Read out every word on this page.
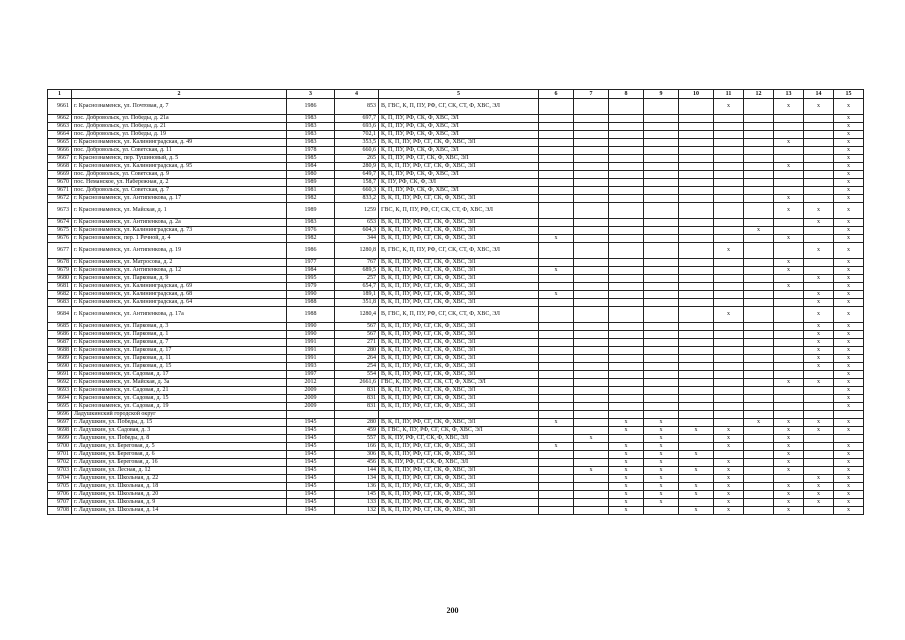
1	2	3	4	5	6	7	8	9	10	11	12	13	14	15
9661	г. Краснознаменск, ул. Почтовая, д. 7	1986	853	В, ГВС, К, П, ПУ, РФ, СГ, СК, СТ, Ф, ХВС, ЭЛ						х		х	х	х
9662	пос. Добровольск, ул. Победы, д. 21а	1983	697,7	К, П, ПУ, РФ, СК, Ф, ХВС, ЭЛ										х
9663	пос. Добровольск, ул. Победы, д. 21	1983	693,6	К, П, ПУ, РФ, СК, Ф, ХВС, ЭЛ										х
9664	пос. Добровольск, ул. Победы, д. 19	1983	702,1	К, П, ПУ, РФ, СК, Ф, ХВС, ЭЛ										х
9665	г. Краснознаменск, ул. Калининградская, д. 49	1983	353,5	В, К, П, ПУ, РФ, СГ, СК, Ф, ХВС, ЭЛ								х		х
9666	пос. Добровольск, ул. Советская, д. 11	1978	660,6	К, П, ПУ, РФ, СК, Ф, ХВС, ЭЛ										х
9667	г. Краснознаменск, пер. Тушиновый, д. 5	1985	265	К, П, ПУ, РФ, СГ, СК, Ф, ХВС, ЭЛ										х
9668	г. Краснознаменск, ул. Калининградская, д. 95	1984	280,9	В, К, П, ПУ, РФ, СГ, СК, Ф, ХВС, ЭЛ								х		х
9669	пос. Добровольск, ул. Советская, д. 9	1980	649,7	К, П, ПУ, РФ, СК, Ф, ХВС, ЭЛ										х
9670	пос. Неманское, ул. Набережная, д. 2	1989	158,7	К, ПУ, РФ, СК, Ф, ЭЛ										х
9671	пос. Добровольск, ул. Советская, д. 7	1981	660,3	К, П, ПУ, РФ, СК, Ф, ХВС, ЭЛ										х
9672	г. Краснознаменск, ул. Антипенкова, д. 17	1982	833,2	В, К, П, ПУ, РФ, СГ, СК, Ф, ХВС, ЭЛ								х		х
9673	г. Краснознаменск, ул. Майская, д. 1	1989	1259	ГВС, К, П, ПУ, РФ, СГ, СК, СТ, Ф, ХВС, ЭЛ								х	х	х
9674	г. Краснознаменск, ул. Антипенкова, д. 2а	1983	653	В, К, П, ПУ, РФ, СГ, СК, Ф, ХВС, ЭЛ									х	х
9675	г. Краснознаменск, ул. Калининградская, д. 73	1976	604,3	В, К, П, ПУ, РФ, СГ, СК, Ф, ХВС, ЭЛ							х			х
9676	г. Краснознаменск, пер. 1 Речной, д. 4	1982	344	В, К, П, ПУ, РФ, СГ, СК, Ф, ХВС, ЭЛ	х							х		х
9677	г. Краснознаменск, ул. Антипенкова, д. 19	1986	1280,8	В, ГВС, К, П, ПУ, РФ, СГ, СК, СТ, Ф, ХВС, ЭЛ						х			х	х
9678	г. Краснознаменск, ул. Матросова, д. 2	1977	767	В, К, П, ПУ, РФ, СГ, СК, Ф, ХВС, ЭЛ								х		х
9679	г. Краснознаменск, ул. Антипенкова, д. 12	1984	689,5	В, К, П, ПУ, РФ, СГ, СК, Ф, ХВС, ЭЛ	х							х		х
9680	г. Краснознаменск, ул. Парковая, д. 9	1995	257	В, К, П, ПУ, РФ, СГ, СК, Ф, ХВС, ЭЛ									х	х
9681	г. Краснознаменск, ул. Калининградская, д. 69	1979	654,7	В, К, П, ПУ, РФ, СГ, СК, Ф, ХВС, ЭЛ								х		х
9682	г. Краснознаменск, ул. Калининградская, д. 68	1990	189,1	В, К, П, ПУ, РФ, СГ, СК, Ф, ХВС, ЭЛ	х								х	х
9683	г. Краснознаменск, ул. Калининградская, д. 64	1988	351,8	В, К, П, ПУ, РФ, СГ, СК, Ф, ХВС, ЭЛ									х	х
9684	г. Краснознаменск, ул. Антипенкова, д. 17а	1988	1280,4	В, ГВС, К, П, ПУ, РФ, СГ, СК, СТ, Ф, ХВС, ЭЛ						х			х	х
9685	г. Краснознаменск, ул. Парковая, д. 3	1990	567	В, К, П, ПУ, РФ, СГ, СК, Ф, ХВС, ЭЛ									х	х
9686	г. Краснознаменск, ул. Парковая, д. 1	1990	567	В, К, П, ПУ, РФ, СГ, СК, Ф, ХВС, ЭЛ									х	х
9687	г. Краснознаменск, ул. Парковая, д. 7	1991	271	В, К, П, ПУ, РФ, СГ, СК, Ф, ХВС, ЭЛ									х	х
9688	г. Краснознаменск, ул. Парковая, д. 17	1991	280	В, К, П, ПУ, РФ, СГ, СК, Ф, ХВС, ЭЛ									х	х
9689	г. Краснознаменск, ул. Парковая, д. 11	1991	264	В, К, П, ПУ, РФ, СГ, СК, Ф, ХВС, ЭЛ									х	х
9690	г. Краснознаменск, ул. Парковая, д. 15	1993	254	В, К, П, ПУ, РФ, СГ, СК, Ф, ХВС, ЭЛ									х	х
9691	г. Краснознаменск, ул. Садовая, д. 17	1997	554	В, К, П, ПУ, РФ, СГ, СК, Ф, ХВС, ЭЛ										х
9692	г. Краснознаменск, ул. Майская, д. 3а	2012	2661,6	ГВС, К, ПУ, РФ, СГ, СК, СТ, Ф, ХВС, ЭЛ								х	х	х
9693	г. Краснознаменск, ул. Садовая, д. 21	2009	831	В, К, П, ПУ, РФ, СГ, СК, Ф, ХВС, ЭЛ										х
9694	г. Краснознаменск, ул. Садовая, д. 15	2009	831	В, К, П, ПУ, РФ, СГ, СК, Ф, ХВС, ЭЛ										х
9695	г. Краснознаменск, ул. Садовая, д. 19	2009	831	В, К, П, ПУ, РФ, СГ, СК, Ф, ХВС, ЭЛ										х
9696	Ладушкинский городской округ													
9697	г. Ладушкин, ул. Победы, д. 15	1945	280	В, К, П, ПУ, РФ, СГ, СК, Ф, ХВС, ЭЛ	х		х	х			х	х	х	х
9698	г. Ладушкин, ул. Садовая, д. 3	1945	459	В, ГВС, К, ПУ, РФ, СГ, СК, Ф, ХВС, ЭЛ			х	х	х	х		х	х	х
9699	г. Ладушкин, ул. Победы, д. 8	1945	557	В, К, ПУ, РФ, СГ, СК, Ф, ХВС, ЭЛ		х		х		х		х		
9700	г. Ладушкин, ул. Береговая, д. 5	1945	166	В, К, П, ПУ, РФ, СГ, СК, Ф, ХВС, ЭЛ	х		х	х		х		х		х
9701	г. Ладушкин, ул. Береговая, д. 6	1945	306	В, К, П, ПУ, РФ, СГ, СК, Ф, ХВС, ЭЛ			х	х	х			х		х
9702	г. Ладушкин, ул. Береговая, д. 16	1945	456	В, К, ПУ, РФ, СГ, СК, Ф, ХВС, ЭЛ			х	х		х		х		х
9703	г. Ладушкин, ул. Лесная, д. 12	1945	144	В, К, П, ПУ, РФ, СГ, СК, Ф, ХВС, ЭЛ		х	х	х	х	х		х		х
9704	г. Ладушкин, ул. Школьная, д. 22	1945	134	В, К, П, ПУ, РФ, СГ, СК, Ф, ХВС, ЭЛ			х	х		х			х	х
9705	г. Ладушкин, ул. Школьная, д. 18	1945	136	В, К, П, ПУ, РФ, СГ, СК, Ф, ХВС, ЭЛ			х	х	х	х		х	х	х
9706	г. Ладушкин, ул. Школьная, д. 20	1945	145	В, К, П, ПУ, РФ, СГ, СК, Ф, ХВС, ЭЛ			х	х	х	х		х	х	х
9707	г. Ладушкин, ул. Школьная, д. 9	1945	133	В, К, П, ПУ, РФ, СГ, СК, Ф, ХВС, ЭЛ			х	х		х		х	х	х
9708	г. Ладушкин, ул. Школьная, д. 14	1945	132	В, К, П, ПУ, РФ, СГ, СК, Ф, ХВС, ЭЛ			х		х	х		х		х
200
